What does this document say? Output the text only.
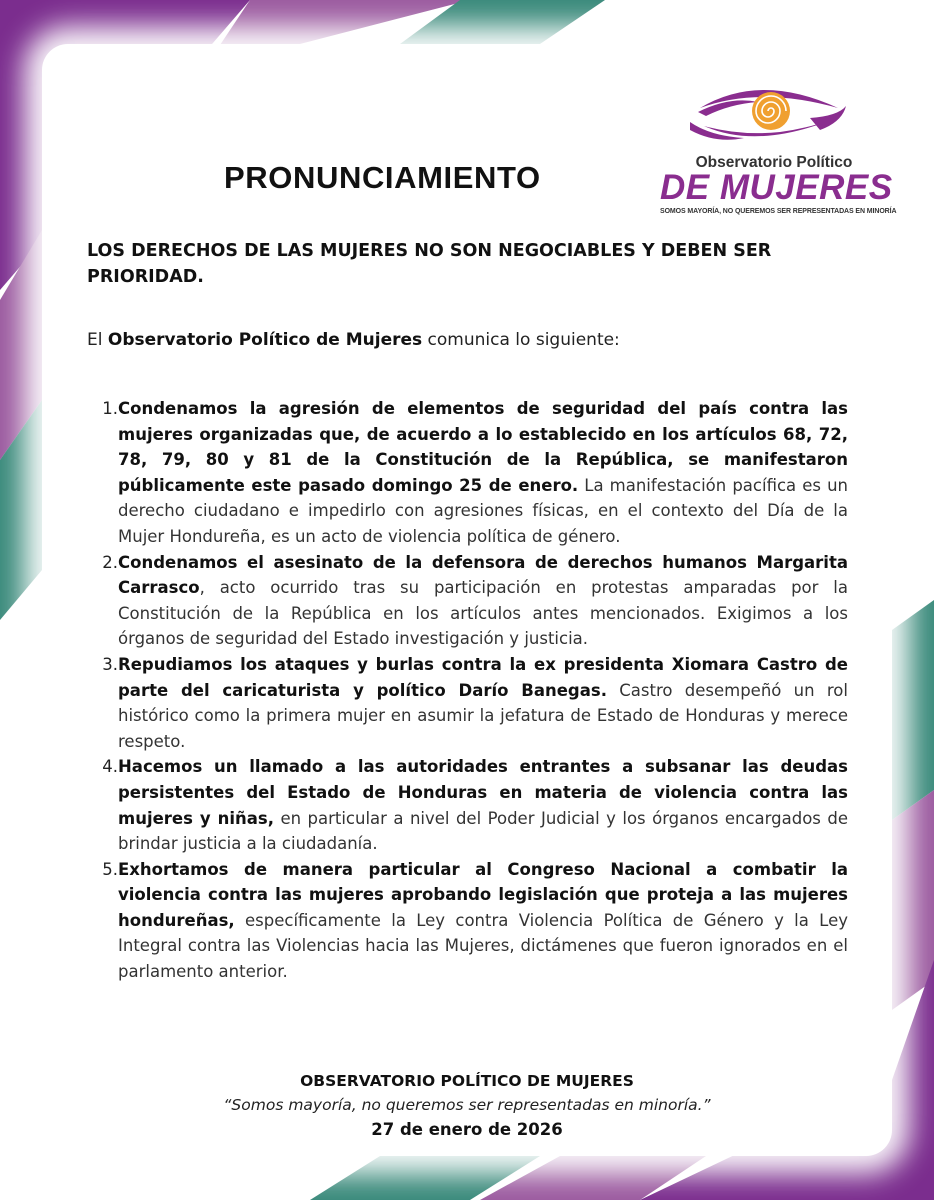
PRONUNCIAMIENTO	Observatorio Político
DE MUJERES
SOMOS MAYORÍA, NO QUEREMOS SER REPRESENTADAS EN MINORÍA

LOS DERECHOS DE LAS MUJERES NO SON NEGOCIABLES Y DEBEN SER PRIORIDAD.

El Observatorio Político de Mujeres comunica lo siguiente:

1. Condenamos la agresión de elementos de seguridad del país contra las mujeres organizadas que, de acuerdo a lo establecido en los artículos 68, 72, 78, 79, 80 y 81 de la Constitución de la República, se manifestaron públicamente este pasado domingo 25 de enero. La manifestación pacífica es un derecho ciudadano e impedirlo con agresiones físicas, en el contexto del Día de la Mujer Hondureña, es un acto de violencia política de género.
2. Condenamos el asesinato de la defensora de derechos humanos Margarita Carrasco, acto ocurrido tras su participación en protestas amparadas por la Constitución de la República en los artículos antes mencionados. Exigimos a los órganos de seguridad del Estado investigación y justicia.
3. Repudiamos los ataques y burlas contra la ex presidenta Xiomara Castro de parte del caricaturista y político Darío Banegas. Castro desempeñó un rol histórico como la primera mujer en asumir la jefatura de Estado de Honduras y merece respeto.
4. Hacemos un llamado a las autoridades entrantes a subsanar las deudas persistentes del Estado de Honduras en materia de violencia contra las mujeres y niñas, en particular a nivel del Poder Judicial y los órganos encargados de brindar justicia a la ciudadanía.
5. Exhortamos de manera particular al Congreso Nacional a combatir la violencia contra las mujeres aprobando legislación que proteja a las mujeres hondureñas, específicamente la Ley contra Violencia Política de Género y la Ley Integral contra las Violencias hacia las Mujeres, dictámenes que fueron ignorados en el parlamento anterior.
OBSERVATORIO POLÍTICO DE MUJERES
“Somos mayoría, no queremos ser representadas en minoría.”
27 de enero de 2026
